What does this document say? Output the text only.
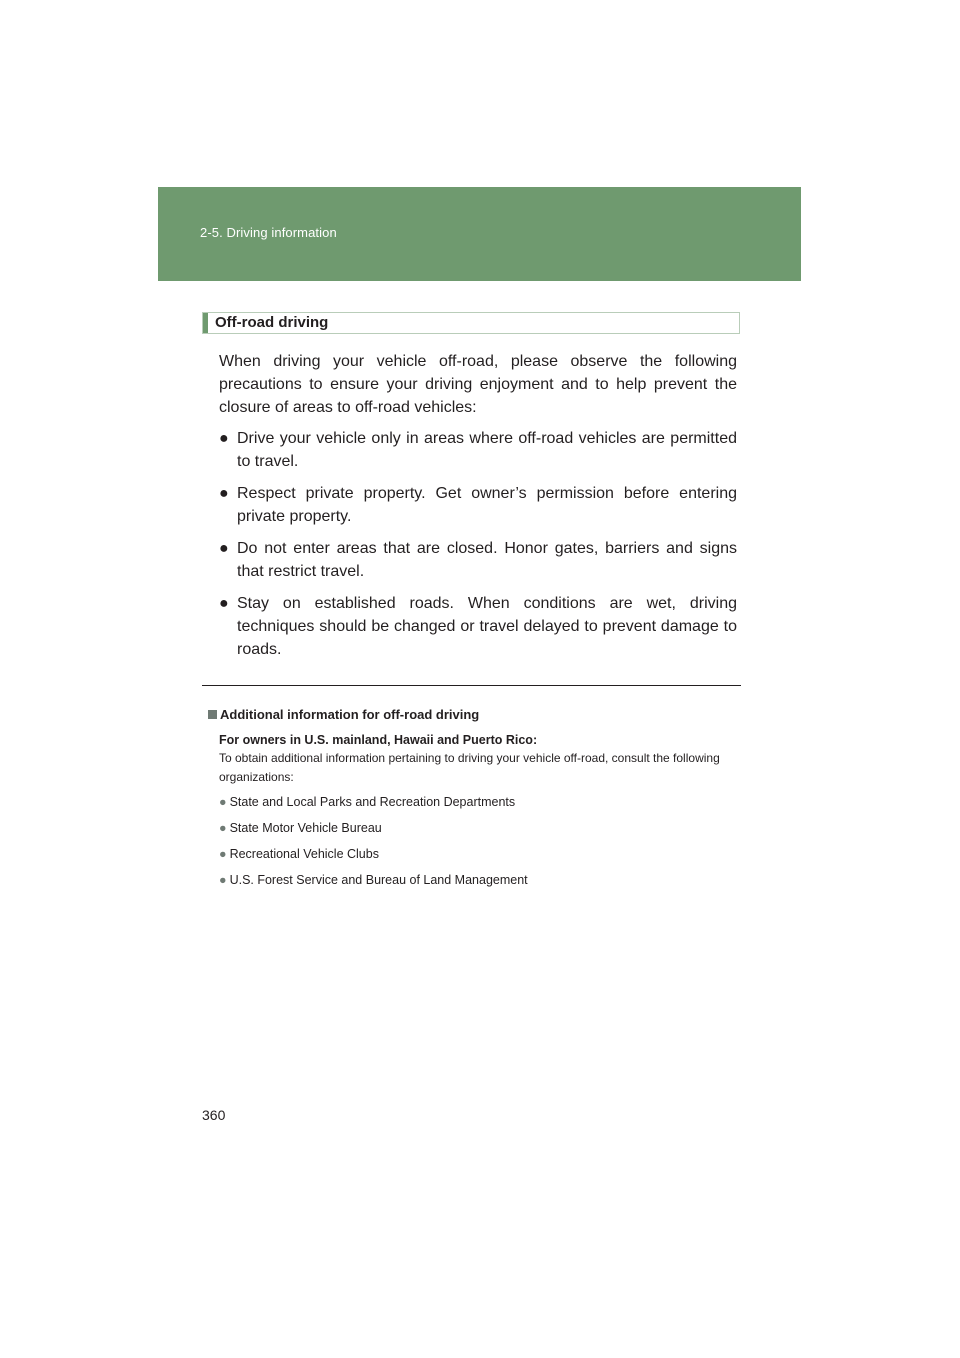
2-5. Driving information
Off-road driving

When driving your vehicle off-road, please observe the following precautions to ensure your driving enjoyment and to help prevent the closure of areas to off-road vehicles:

● Drive your vehicle only in areas where off-road vehicles are permitted to travel.
● Respect private property. Get owner’s permission before entering private property.
● Do not enter areas that are closed. Honor gates, barriers and signs that restrict travel.
● Stay on established roads. When conditions are wet, driving techniques should be changed or travel delayed to prevent damage to roads.

Additional information for off-road driving

For owners in U.S. mainland, Hawaii and Puerto Rico:

To obtain additional information pertaining to driving your vehicle off-road, consult the following organizations:

● State and Local Parks and Recreation Departments
● State Motor Vehicle Bureau
● Recreational Vehicle Clubs
● U.S. Forest Service and Bureau of Land Management
360
